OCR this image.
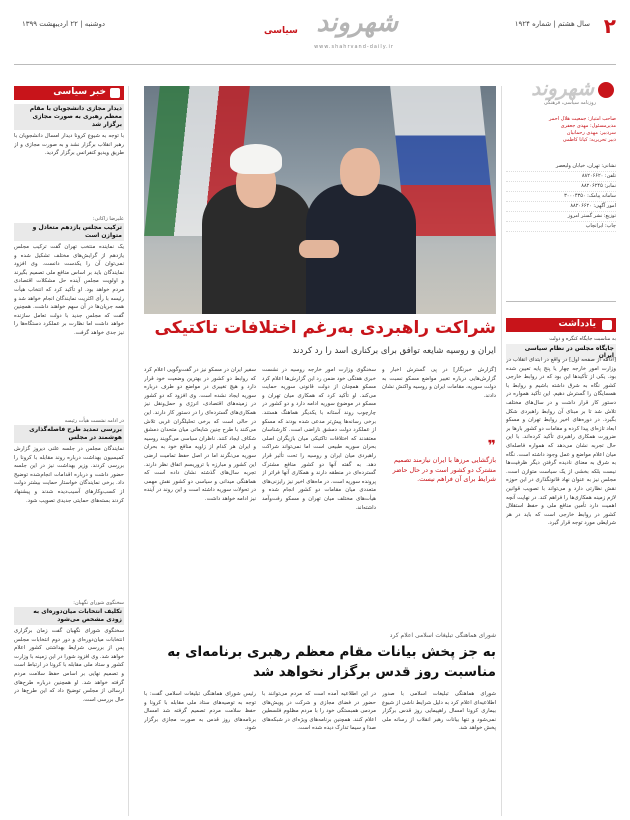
۲
سال هشتم | شماره ۱۹۲۴
شهروند
سیاسی
www.shahrvand-daily.ir
دوشنبه | ۲۲ اردیبهشت ۱۳۹۹
شهروند
روزنامه سیاسی، فرهنگی
صاحب امتیاز: جمعیت هلال احمر
مدیرمسئول: مهدی جعفری
سردبیر: مهدی رحمانیان
دبیر تحریریه: کیانا کاظمی
نشانی: تهران، خیابان ولیعصر
تلفن: ۸۸۲۰۶۶۲۰
نمابر: ۸۸۲۰۶۲۴۵
سامانه پیامک: ۳۰۰۰۴۳۵۰
امور آگهی: ۸۸۲۰۶۶۲۰
توزیع: نشر گستر امروز
چاپ: ایرانچاپ
یادداشت
به مناسبت جایگاه کنگره و دولت
جایگاه مجلس در نظام سیاسی ایران
[ادامه از صفحه اول] در واقع در ابتدای انقلاب در وزارت امور خارجه چهار یا پنج پایه تعیین شده بود. یکی از تأکیدها این بود که در روابط خارجی کشور نگاه به شرق داشته باشیم و روابط با همسایگان را گسترش دهیم. این تأکید همواره در دستور کار قرار داشت و در سال‌های مختلف تلاش شد تا بر مبنای آن روابط راهبردی شکل بگیرد. در دوره‌های اخیر روابط تهران و مسکو ابعاد تازه‌ای پیدا کرده و مقامات دو کشور بارها بر ضرورت همکاری راهبردی تأکید کرده‌اند. با این حال تجربه نشان می‌دهد که همواره فاصله‌ای میان اعلام مواضع و عمل وجود داشته است. نگاه به شرق به معنای نادیده گرفتن دیگر ظرفیت‌ها نیست بلکه بخشی از یک سیاست متوازن است. مجلس نیز به عنوان نهاد قانونگذاری در این حوزه نقش نظارتی دارد و می‌تواند با تصویب قوانین لازم زمینه همکاری‌ها را فراهم کند. در نهایت آنچه اهمیت دارد تأمین منافع ملی و حفظ استقلال کشور در روابط خارجی است که باید در هر شرایطی مورد توجه قرار گیرد.
شراکت راهبردی به‌رغم اختلافات تاکتیکی
ایران و روسیه شایعه توافق برای برکناری اسد را رد کردند
[گزارش خبرنگار] در پی گسترش اخبار و گزارش‌هایی درباره تغییر مواضع مسکو نسبت به دولت سوریه، مقامات ایران و روسیه واکنش نشان دادند.
❞
بازگشایی مرزها با ایران نیازمند تصمیم مشترک دو کشور است و در حال حاضر شرایط برای آن فراهم نیست.
سخنگوی وزارت امور خارجه روسیه در نشست خبری هفتگی خود ضمن رد این گزارش‌ها اعلام کرد مسکو همچنان از دولت قانونی سوریه حمایت می‌کند. او تأکید کرد که همکاری میان تهران و مسکو در موضوع سوریه ادامه دارد و دو کشور در چارچوب روند آستانه با یکدیگر هماهنگ هستند. برخی رسانه‌ها پیش‌تر مدعی شده بودند که مسکو از عملکرد دولت دمشق ناراضی است. کارشناسان معتقدند که اختلافات تاکتیکی میان بازیگران اصلی بحران سوریه طبیعی است اما نمی‌تواند شراکت راهبردی میان ایران و روسیه را تحت تأثیر قرار دهد. به گفته آنها دو کشور منافع مشترک گسترده‌ای در منطقه دارند و همکاری آنها فراتر از پرونده سوریه است. در ماه‌های اخیر نیز رایزنی‌های متعددی میان مقامات دو کشور انجام شده و هیأت‌های مختلف میان تهران و مسکو رفت‌وآمد داشته‌اند.
سفیر ایران در مسکو نیز در گفت‌وگویی اعلام کرد که روابط دو کشور در بهترین وضعیت خود قرار دارد و هیچ تغییری در مواضع دو طرف درباره سوریه ایجاد نشده است. وی افزود که دو کشور در زمینه‌های اقتصادی، انرژی و حمل‌ونقل نیز همکاری‌های گسترده‌ای را در دستور کار دارند. این در حالی است که برخی تحلیلگران غربی تلاش می‌کنند با طرح چنین شایعاتی میان متحدان دمشق شکاف ایجاد کنند. ناظران سیاسی می‌گویند روسیه و ایران هر کدام از زاویه منافع خود به بحران سوریه می‌نگرند اما در اصل حفظ تمامیت ارضی این کشور و مبارزه با تروریسم اتفاق نظر دارند. تجربه سال‌های گذشته نشان داده است که هماهنگی میدانی و سیاسی دو کشور نقش مهمی در تحولات سوریه داشته است و این روند در آینده نیز ادامه خواهد داشت.
شورای هماهنگی تبلیغات اسلامی اعلام کرد
به جز پخش بیانات مقام معظم رهبری برنامه‌ای به مناسبت روز قدس برگزار نخواهد شد
شورای هماهنگی تبلیغات اسلامی با صدور اطلاعیه‌ای اعلام کرد به دلیل شرایط ناشی از شیوع بیماری کرونا امسال راهپیمایی روز قدس برگزار نمی‌شود و تنها بیانات رهبر انقلاب از رسانه ملی پخش خواهد شد.
در این اطلاعیه آمده است که مردم می‌توانند با حضور در فضای مجازی و شرکت در پویش‌های مردمی همبستگی خود را با مردم مظلوم فلسطین اعلام کنند. همچنین برنامه‌های ویژه‌ای در شبکه‌های صدا و سیما تدارک دیده شده است.
رئیس شورای هماهنگی تبلیغات اسلامی گفت: با توجه به توصیه‌های ستاد ملی مقابله با کرونا و حفظ سلامت مردم تصمیم گرفته شد امسال برنامه‌های روز قدس به صورت مجازی برگزار شود.
خبر سیاسی
دیدار مجازی دانشجویان با مقام معظم رهبری به صورت مجازی برگزار شد
با توجه به شیوع کرونا دیدار امسال دانشجویان با رهبر انقلاب برگزار نشد و به صورت مجازی و از طریق ویدیو کنفرانس برگزار گردید.
علیرضا زاکانی:
ترکیب مجلس یازدهم متعادل و متوازن است
یک نماینده منتخب تهران گفت ترکیب مجلس یازدهم از گرایش‌های مختلف تشکیل شده و نمی‌توان آن را یکدست دانست. وی افزود نمایندگان باید بر اساس منافع ملی تصمیم بگیرند و اولویت مجلس آینده حل مشکلات اقتصادی مردم خواهد بود. او تأکید کرد که انتخاب هیأت رئیسه با رأی اکثریت نمایندگان انجام خواهد شد و همه جریان‌ها در آن سهم خواهند داشت. همچنین گفت که مجلس جدید با دولت تعامل سازنده خواهد داشت اما نظارت بر عملکرد دستگاه‌ها را نیز جدی خواهد گرفت.
در ادامه نشست هیأت رئیسه
بررسی تمدید طرح فاصله‌گذاری هوشمند در مجلس
نمایندگان مجلس در جلسه علنی دیروز گزارش کمیسیون بهداشت درباره روند مقابله با کرونا را بررسی کردند. وزیر بهداشت نیز در این جلسه حضور داشت و درباره اقدامات انجام‌شده توضیح داد. برخی نمایندگان خواستار حمایت بیشتر دولت از کسب‌وکارهای آسیب‌دیده شدند و پیشنهاد کردند بسته‌های حمایتی جدیدی تصویب شود.
سخنگوی شورای نگهبان:
تکلیف انتخابات میان‌دوره‌ای به زودی مشخص می‌شود
سخنگوی شورای نگهبان گفت زمان برگزاری انتخابات میان‌دوره‌ای و دور دوم انتخابات مجلس پس از بررسی شرایط بهداشتی کشور اعلام خواهد شد. وی افزود شورا در این زمینه با وزارت کشور و ستاد ملی مقابله با کرونا در ارتباط است و تصمیم نهایی بر اساس حفظ سلامت مردم گرفته خواهد شد. او همچنین درباره طرح‌های ارسالی از مجلس توضیح داد که این طرح‌ها در حال بررسی است.
